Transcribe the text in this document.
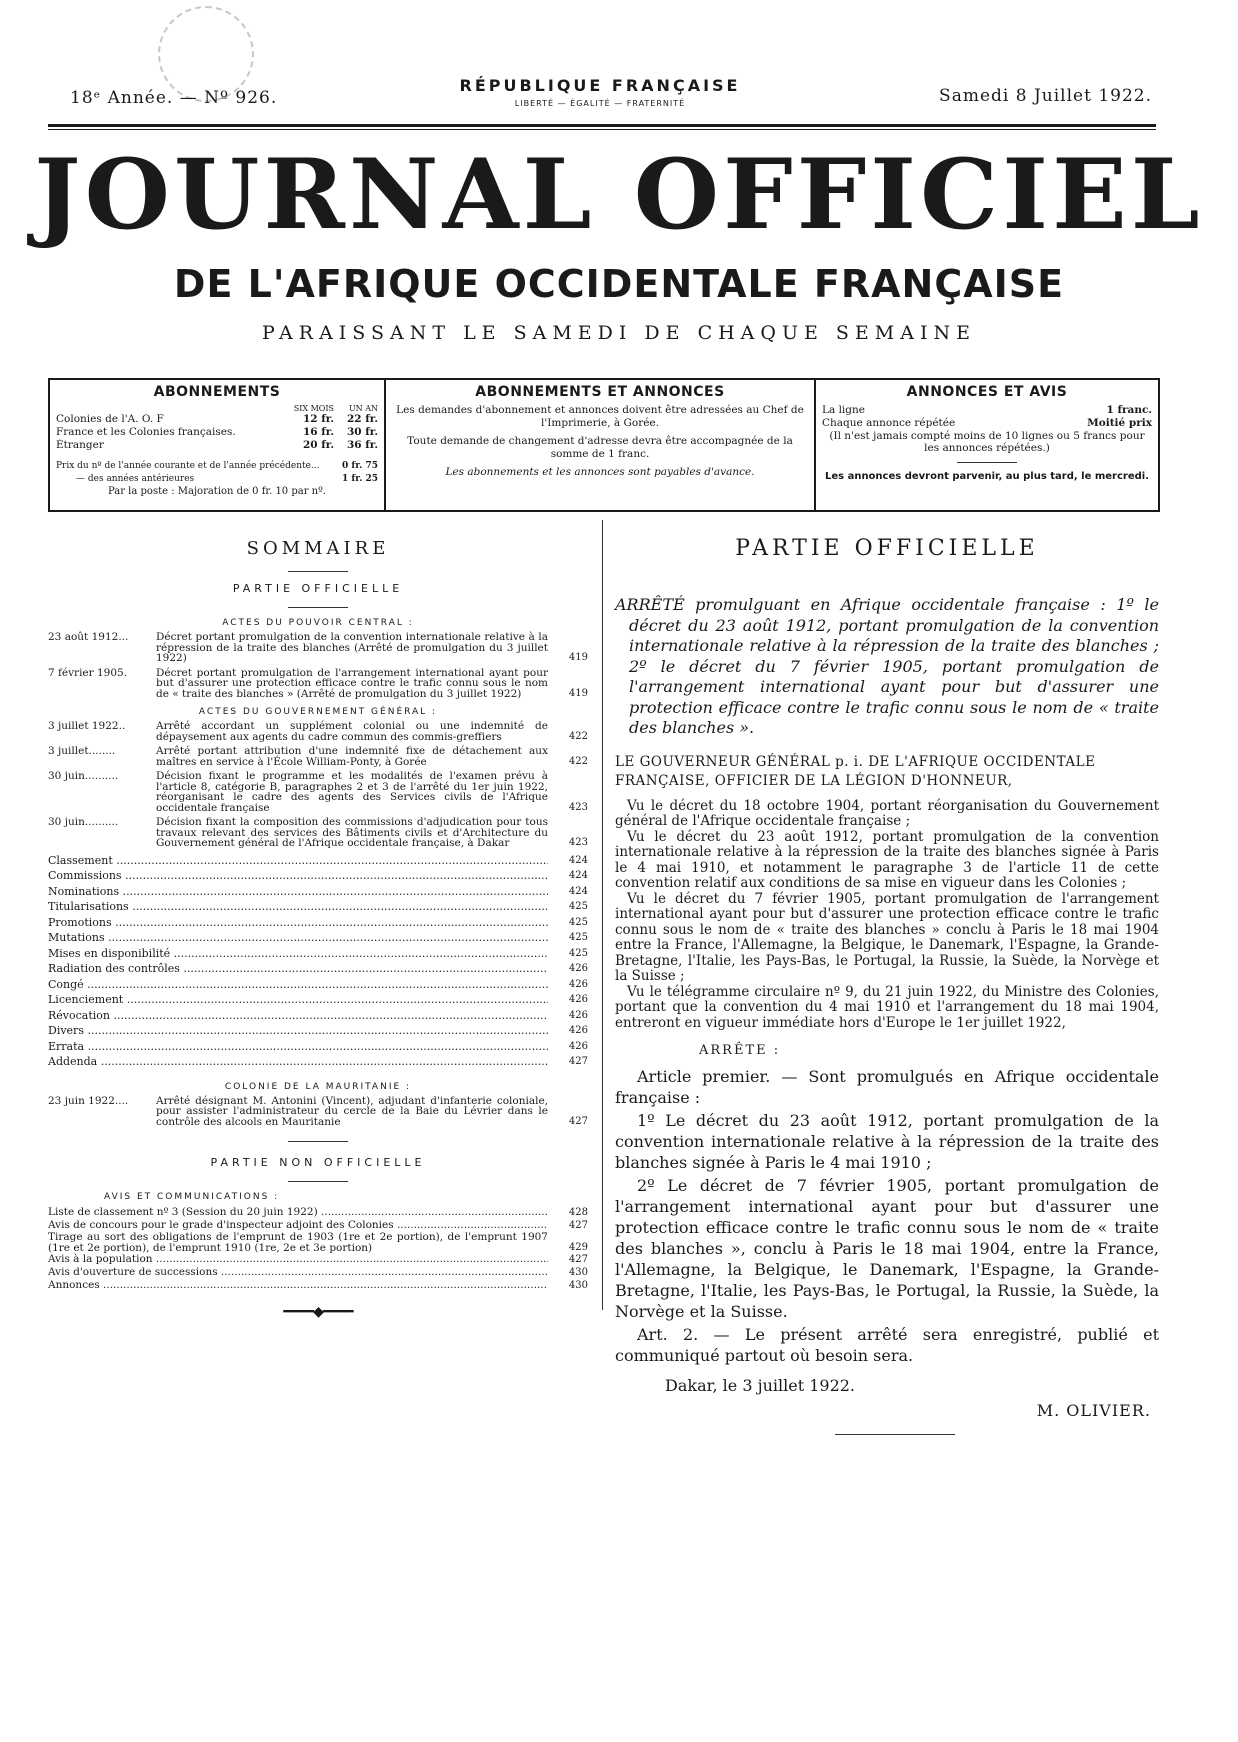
18ᵉ Année. — Nº 926.
RÉPUBLIQUE FRANÇAISE
LIBERTÉ — ÉGALITÉ — FRATERNITÉ	Samedi 8 Juillet 1922.
JOURNAL OFFICIEL
DE L'AFRIQUE OCCIDENTALE FRANÇAISE
PARAISSANT LE SAMEDI DE CHAQUE SEMAINE
ABONNEMENTS
SIX MOIS	UN AN
Colonies de l'A. O. F	12 fr.	22 fr.
France et les Colonies françaises.	16 fr.	30 fr.
Étranger	20 fr.	36 fr.
Prix du nº de l'année courante et de l'année précédente...	0 fr. 75
— des années antérieures	1 fr. 25
Par la poste : Majoration de 0 fr. 10 par nº.
ABONNEMENTS ET ANNONCES

Les demandes d'abonnement et annonces doivent être adressées au Chef de l'Imprimerie, à Gorée.

Toute demande de changement d'adresse devra être accompagnée de la somme de 1 franc.

Les abonnements et les annonces sont payables d'avance.

ANNONCES ET AVIS
La ligne	1 franc.
Chaque annonce répétée	Moitié prix
(Il n'est jamais compté moins de 10 lignes ou 5 francs pour les annonces répétées.)
Les annonces devront parvenir, au plus tard, le mercredi.
SOMMAIRE
PARTIE OFFICIELLE
ACTES DU POUVOIR CENTRAL :
23 août 1912...	Décret portant promulgation de la convention internationale relative à la répression de la traite des blanches (Arrêté de promulgation du 3 juillet 1922)	419
7 février 1905.	Décret portant promulgation de l'arrangement international ayant pour but d'assurer une protection efficace contre le trafic connu sous le nom de « traite des blanches » (Arrêté de promulgation du 3 juillet 1922)	419
ACTES DU GOUVERNEMENT GÉNÉRAL :
3 juillet 1922..	Arrêté accordant un supplément colonial ou une indemnité de dépaysement aux agents du cadre commun des commis-greffiers	422
3 juillet........	Arrêté portant attribution d'une indemnité fixe de détachement aux maîtres en service à l'École William-Ponty, à Gorée	422
30 juin..........	Décision fixant le programme et les modalités de l'examen prévu à l'article 8, catégorie B, paragraphes 2 et 3 de l'arrêté du 1er juin 1922, réorganisant le cadre des agents des Services civils de l'Afrique occidentale française	423
30 juin..........	Décision fixant la composition des commissions d'adjudication pour tous travaux relevant des services des Bâtiments civils et d'Architecture du Gouvernement général de l'Afrique occidentale française, à Dakar	423
Classement .....	424
Commissions .....	424
Nominations .....	424
Titularisations .....	425
Promotions .....	425
Mutations .....	425
Mises en disponibilité .....	425
Radiation des contrôles .....	426
Congé .....	426
Licenciement .....	426
Révocation .....	426
Divers .....	426
Errata .....	426
Addenda .....	427
COLONIE DE LA MAURITANIE :
23 juin 1922....	Arrêté désignant M. Antonini (Vincent), adjudant d'infanterie coloniale, pour assister l'administrateur du cercle de la Baie du Lévrier dans le contrôle des alcools en Mauritanie	427
PARTIE NON OFFICIELLE
AVIS ET COMMUNICATIONS :
Liste de classement nº 3 (Session du 20 juin 1922) .....	428
Avis de concours pour le grade d'inspecteur adjoint des Colonies .....	427
Tirage au sort des obligations de l'emprunt de 1903 (1re et 2e portion), de l'emprunt 1907 (1re et 2e portion), de l'emprunt 1910 (1re, 2e et 3e portion)	429
Avis à la population .....	427
Avis d'ouverture de successions .....	430
Annonces .....	430
━━━━◆━━━━
PARTIE OFFICIELLE
ARRÊTÉ promulguant en Afrique occidentale française : 1º le décret du 23 août 1912, portant promulgation de la convention internationale relative à la répression de la traite des blanches ; 2º le décret du 7 février 1905, portant promulgation de l'arrangement international ayant pour but d'assurer une protection efficace contre le trafic connu sous le nom de « traite des blanches ».
LE GOUVERNEUR GÉNÉRAL p. i. DE L'AFRIQUE OCCIDENTALE FRANÇAISE, OFFICIER DE LA LÉGION D'HONNEUR,

Vu le décret du 18 octobre 1904, portant réorganisation du Gouvernement général de l'Afrique occidentale française ;

Vu le décret du 23 août 1912, portant promulgation de la convention internationale relative à la répression de la traite des blanches signée à Paris le 4 mai 1910, et notamment le paragraphe 3 de l'article 11 de cette convention relatif aux conditions de sa mise en vigueur dans les Colonies ;

Vu le décret du 7 février 1905, portant promulgation de l'arrangement international ayant pour but d'assurer une protection efficace contre le trafic connu sous le nom de « traite des blanches » conclu à Paris le 18 mai 1904 entre la France, l'Allemagne, la Belgique, le Danemark, l'Espagne, la Grande-Bretagne, l'Italie, les Pays-Bas, le Portugal, la Russie, la Suède, la Norvège et la Suisse ;

Vu le télégramme circulaire nº 9, du 21 juin 1922, du Ministre des Colonies, portant que la convention du 4 mai 1910 et l'arrangement du 18 mai 1904, entreront en vigueur immédiate hors d'Europe le 1er juillet 1922,

ARRÊTE :

Article premier. — Sont promulgués en Afrique occidentale française :

1º Le décret du 23 août 1912, portant promulgation de la convention internationale relative à la répression de la traite des blanches signée à Paris le 4 mai 1910 ;

2º Le décret de 7 février 1905, portant promulgation de l'arrangement international ayant pour but d'assurer une protection efficace contre le trafic connu sous le nom de « traite des blanches », conclu à Paris le 18 mai 1904, entre la France, l'Allemagne, la Belgique, le Danemark, l'Espagne, la Grande-Bretagne, l'Italie, les Pays-Bas, le Portugal, la Russie, la Suède, la Norvège et la Suisse.

Art. 2. — Le présent arrêté sera enregistré, publié et communiqué partout où besoin sera.

Dakar, le 3 juillet 1922.
M. OLIVIER.
